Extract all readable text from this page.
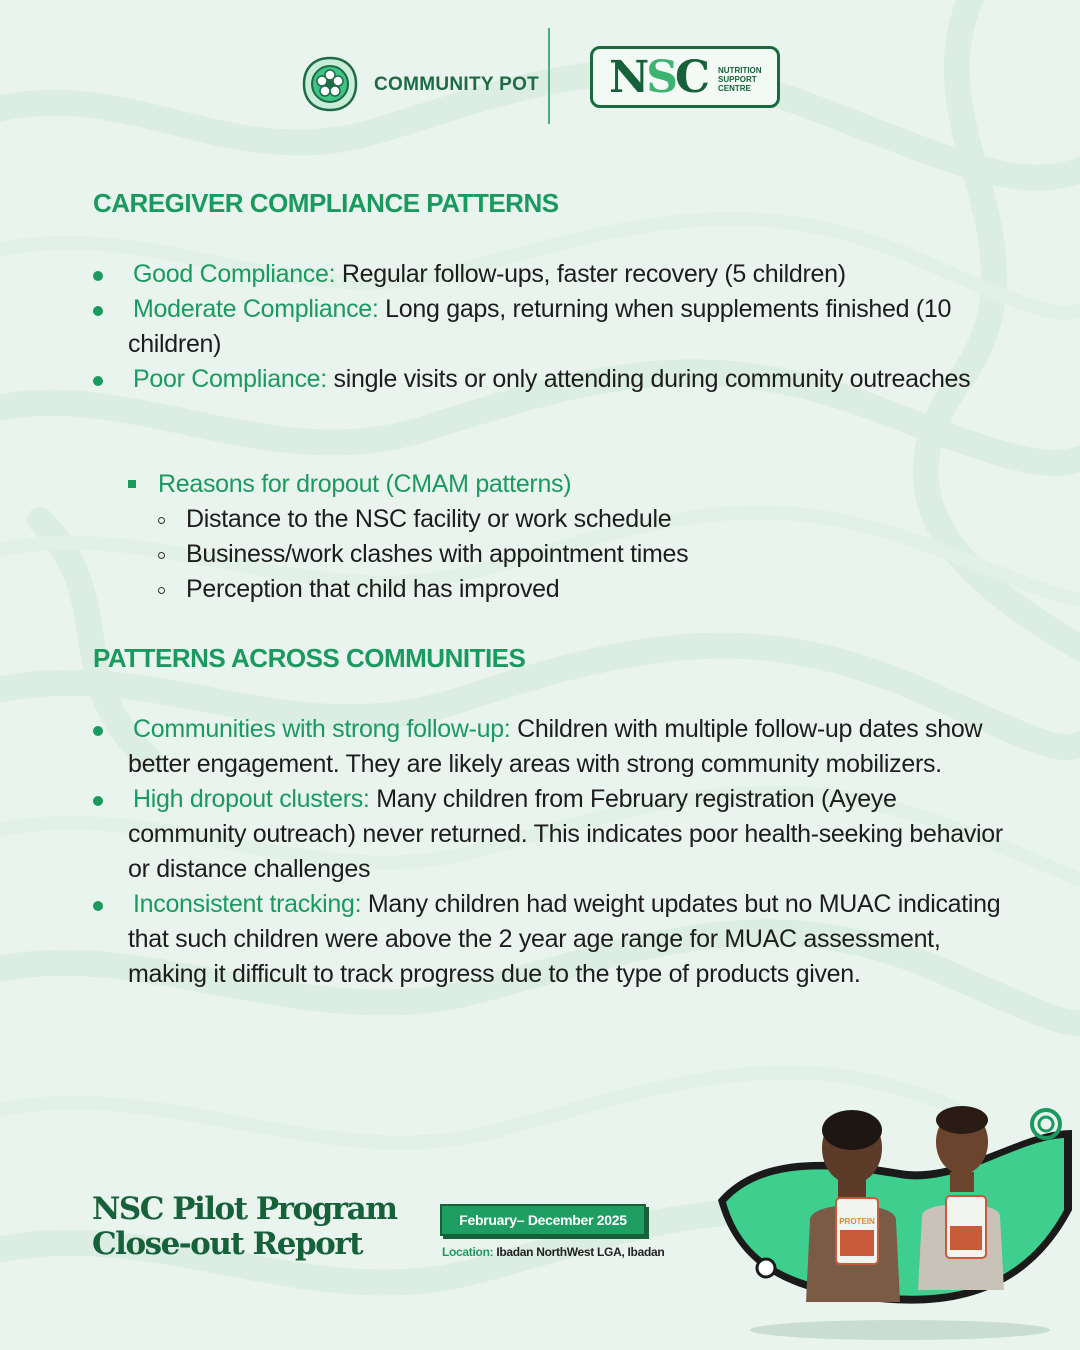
COMMUNITY POT NSC NUTRITION
SUPPORT
CENTRE
CAREGIVER COMPLIANCE PATTERNS
Good Compliance: Regular follow-ups, faster recovery (5 children)
Moderate Compliance: Long gaps, returning when supplements finished (10 children)
Poor Compliance: single visits or only attending during community outreaches
Reasons for dropout (CMAM patterns)
Distance to the NSC facility or work schedule
Business/work clashes with appointment times
Perception that child has improved
PATTERNS ACROSS COMMUNITIES
Communities with strong follow-up: Children with multiple follow-up dates show better engagement. They are likely areas with strong community mobilizers.
High dropout clusters: Many children from February registration (Ayeye community outreach) never returned. This indicates poor health-seeking behavior or distance challenges
Inconsistent tracking: Many children had weight updates but no MUAC indicating that such children were above the 2 year age range for MUAC assessment, making it difficult to track progress due to the type of products given.
NSC Pilot Program
Close-out Report
February– December 2025
Location: Ibadan NorthWest LGA, Ibadan
PROTEIN
